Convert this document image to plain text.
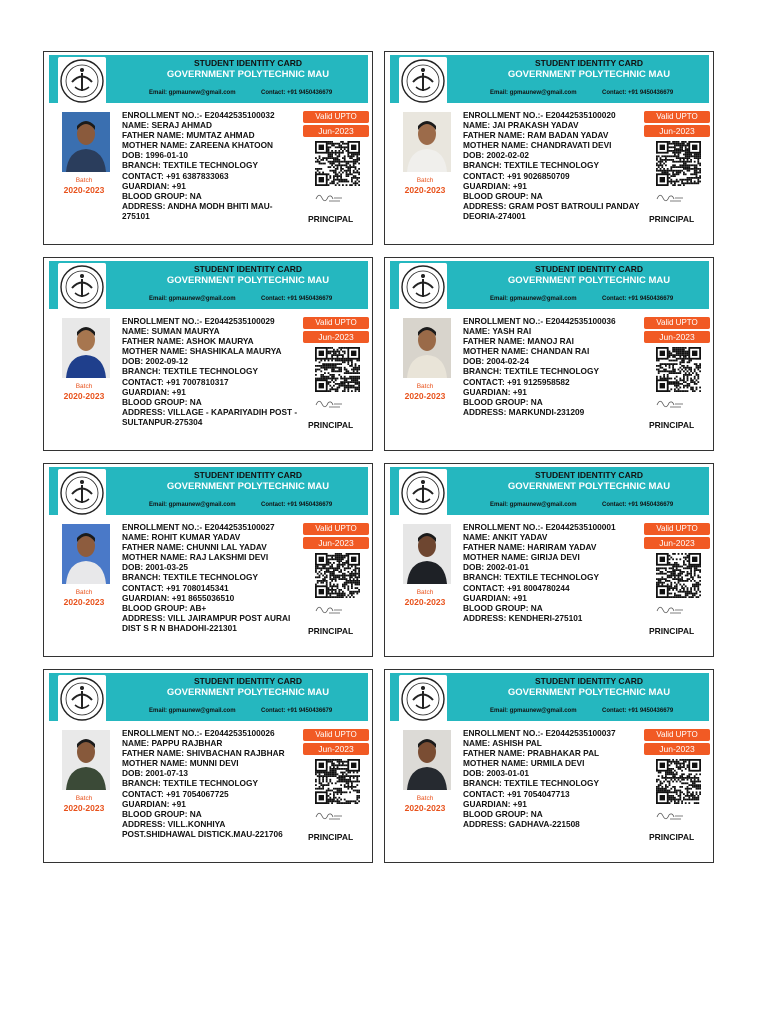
STUDENT IDENTITY CARD
GOVERNMENT POLYTECHNIC MAU
Email: gpmaunew@gmail.com	Contact: +91 9450436679
Batch
2020-2023
ENROLLMENT NO.:- E20442535100032
NAME: SERAJ AHMAD
FATHER NAME: MUMTAZ AHMAD
MOTHER NAME: ZAREENA KHATOON
DOB: 1996-01-10
BRANCH: TEXTILE TECHNOLOGY
CONTACT: +91 6387833063
GUARDIAN: +91
BLOOD GROUP: NA
ADDRESS: ANDHA MODH BHITI MAU-275101
Valid UPTO
Jun-2023
PRINCIPAL
STUDENT IDENTITY CARD
GOVERNMENT POLYTECHNIC MAU
Email: gpmaunew@gmail.com	Contact: +91 9450436679
Batch
2020-2023
ENROLLMENT NO.:- E20442535100020
NAME: JAI PRAKASH YADAV
FATHER NAME: RAM BADAN YADAV
MOTHER NAME: CHANDRAVATI DEVI
DOB: 2002-02-02
BRANCH: TEXTILE TECHNOLOGY
CONTACT: +91 9026850709
GUARDIAN: +91
BLOOD GROUP: NA
ADDRESS: GRAM POST BATROULI PANDAY DEORIA-274001
Valid UPTO
Jun-2023
PRINCIPAL
STUDENT IDENTITY CARD
GOVERNMENT POLYTECHNIC MAU
Email: gpmaunew@gmail.com	Contact: +91 9450436679
Batch
2020-2023
ENROLLMENT NO.:- E20442535100029
NAME: SUMAN MAURYA
FATHER NAME: ASHOK MAURYA
MOTHER NAME: SHASHIKALA MAURYA
DOB: 2002-09-12
BRANCH: TEXTILE TECHNOLOGY
CONTACT: +91 7007810317
GUARDIAN: +91
BLOOD GROUP: NA
ADDRESS: VILLAGE - KAPARIYADIH POST -SULTANPUR-275304
Valid UPTO
Jun-2023
PRINCIPAL
STUDENT IDENTITY CARD
GOVERNMENT POLYTECHNIC MAU
Email: gpmaunew@gmail.com	Contact: +91 9450436679
Batch
2020-2023
ENROLLMENT NO.:- E20442535100036
NAME: YASH RAI
FATHER NAME: MANOJ RAI
MOTHER NAME: CHANDAN RAI
DOB: 2004-02-24
BRANCH: TEXTILE TECHNOLOGY
CONTACT: +91 9125958582
GUARDIAN: +91
BLOOD GROUP: NA
ADDRESS: MARKUNDI-231209
Valid UPTO
Jun-2023
PRINCIPAL
STUDENT IDENTITY CARD
GOVERNMENT POLYTECHNIC MAU
Email: gpmaunew@gmail.com	Contact: +91 9450436679
Batch
2020-2023
ENROLLMENT NO.:- E20442535100027
NAME: ROHIT KUMAR YADAV
FATHER NAME: CHUNNI LAL YADAV
MOTHER NAME: RAJ LAKSHMI DEVI
DOB: 2001-03-25
BRANCH: TEXTILE TECHNOLOGY
CONTACT: +91 7080145341
GUARDIAN: +91 8655036510
BLOOD GROUP: AB+
ADDRESS: VILL JAIRAMPUR POST AURAI DIST S R N BHADOHI-221301
Valid UPTO
Jun-2023
PRINCIPAL
STUDENT IDENTITY CARD
GOVERNMENT POLYTECHNIC MAU
Email: gpmaunew@gmail.com	Contact: +91 9450436679
Batch
2020-2023
ENROLLMENT NO.:- E20442535100001
NAME: ANKIT YADAV
FATHER NAME: HARIRAM YADAV
MOTHER NAME: GIRIJA DEVI
DOB: 2002-01-01
BRANCH: TEXTILE TECHNOLOGY
CONTACT: +91 8004780244
GUARDIAN: +91
BLOOD GROUP: NA
ADDRESS: KENDHERI-275101
Valid UPTO
Jun-2023
PRINCIPAL
STUDENT IDENTITY CARD
GOVERNMENT POLYTECHNIC MAU
Email: gpmaunew@gmail.com	Contact: +91 9450436679
Batch
2020-2023
ENROLLMENT NO.:- E20442535100026
NAME: PAPPU RAJBHAR
FATHER NAME: SHIVBACHAN RAJBHAR
MOTHER NAME: MUNNI DEVI
DOB: 2001-07-13
BRANCH: TEXTILE TECHNOLOGY
CONTACT: +91 7054067725
GUARDIAN: +91
BLOOD GROUP: NA
ADDRESS: VILL.KONHIYA POST.SHIDHAWAL DISTICK.MAU-221706
Valid UPTO
Jun-2023
PRINCIPAL
STUDENT IDENTITY CARD
GOVERNMENT POLYTECHNIC MAU
Email: gpmaunew@gmail.com	Contact: +91 9450436679
Batch
2020-2023
ENROLLMENT NO.:- E20442535100037
NAME: ASHISH PAL
FATHER NAME: PRABHAKAR PAL
MOTHER NAME: URMILA DEVI
DOB: 2003-01-01
BRANCH: TEXTILE TECHNOLOGY
CONTACT: +91 7054047713
GUARDIAN: +91
BLOOD GROUP: NA
ADDRESS: GADHAVA-221508
Valid UPTO
Jun-2023
PRINCIPAL
